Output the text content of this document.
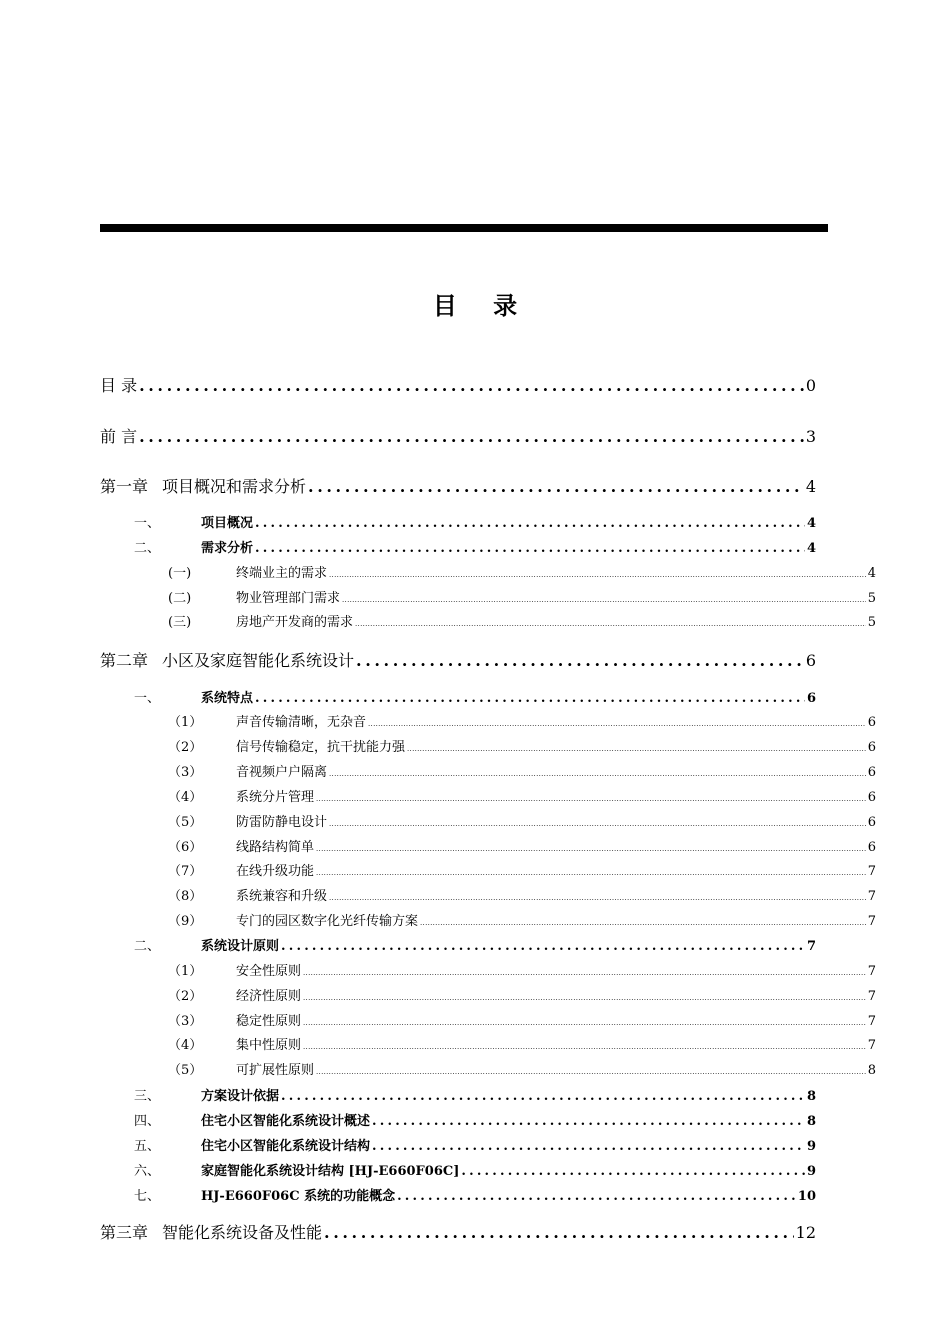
目 录
目 录 .....	0
前 言 .....	3
第一章 项目概况和需求分析 .....	4
一、	项目概况 .....	4
二、	需求分析 .....	4
(一)	终端业主的需求 .....	4
(二)	物业管理部门需求 .....	5
(三)	房地产开发商的需求 .....	5
第二章 小区及家庭智能化系统设计 .....	6
一、	系统特点 .....	6
（1）	声音传输清晰，无杂音 .....	6
（2）	信号传输稳定，抗干扰能力强 .....	6
（3）	音视频户户隔离 .....	6
（4）	系统分片管理 .....	6
（5）	防雷防静电设计 .....	6
（6）	线路结构简单 .....	6
（7）	在线升级功能 .....	7
（8）	系统兼容和升级 .....	7
（9）	专门的园区数字化光纤传输方案 .....	7
二、	系统设计原则 .....	7
（1）	安全性原则 .....	7
（2）	经济性原则 .....	7
（3）	稳定性原则 .....	7
（4）	集中性原则 .....	7
（5）	可扩展性原则 .....	8
三、	方案设计依据 .....	8
四、	住宅小区智能化系统设计概述 .....	8
五、	住宅小区智能化系统设计结构 .....	9
六、	家庭智能化系统设计结构 [HJ-E660F06C] .....	9
七、	HJ-E660F06C 系统的功能概念 .....	10
第三章 智能化系统设备及性能 .....	12
